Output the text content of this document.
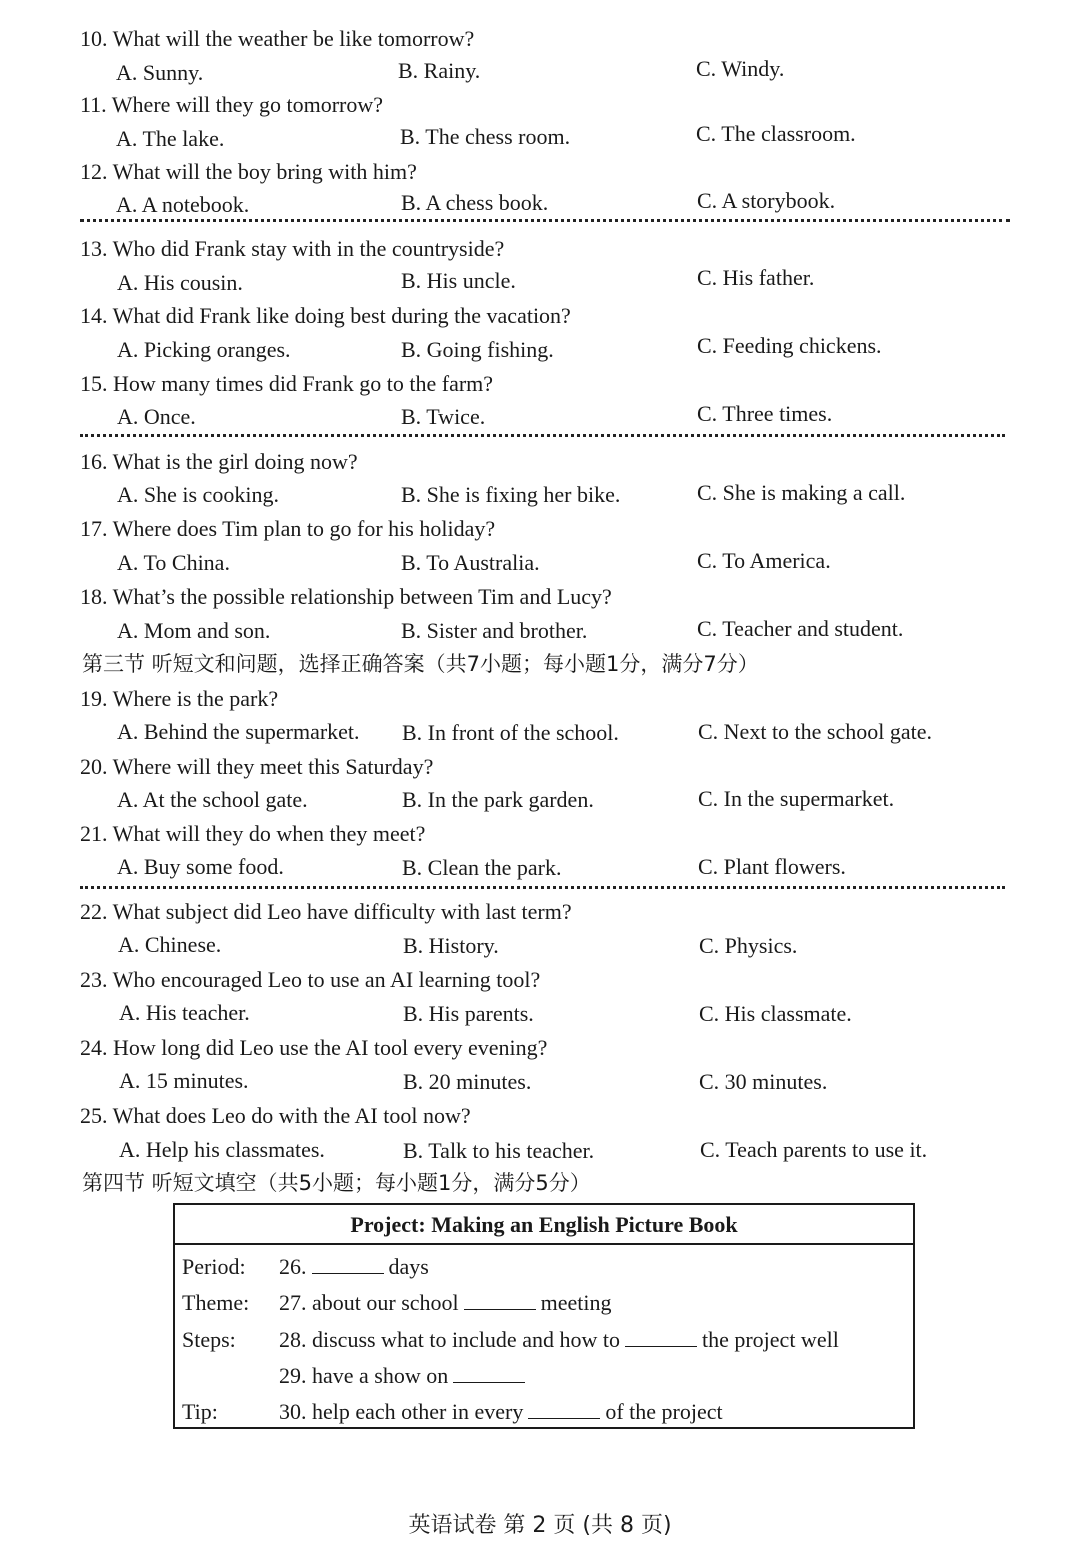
10. What will the weather be like tomorrow?
A. Sunny.	B. Rainy.	C. Windy.
11. Where will they go tomorrow?
A. The lake.	B. The chess room.	C. The classroom.
12. What will the boy bring with him?
A. A notebook.	B. A chess book.	C. A storybook.
13. Who did Frank stay with in the countryside?
A. His cousin.	B. His uncle.	C. His father.
14. What did Frank like doing best during the vacation?
A. Picking oranges.	B. Going fishing.	C. Feeding chickens.
15. How many times did Frank go to the farm?
A. Once.	B. Twice.	C. Three times.
16. What is the girl doing now?
A. She is cooking.	B. She is fixing her bike.	C. She is making a call.
17. Where does Tim plan to go for his holiday?
A. To China.	B. To Australia.	C. To America.
18. What’s the possible relationship between Tim and Lucy?
A. Mom and son.	B. Sister and brother.	C. Teacher and student.
第三节 听短文和问题，选择正确答案（共7小题；每小题1分，满分7分）
19. Where is the park?
A. Behind the supermarket. B. In front of the school.	C. Next to the school gate.
20. Where will they meet this Saturday?
A. At the school gate.	B. In the park garden.	C. In the supermarket.
21. What will they do when they meet?
A. Buy some food.	B. Clean the park.	C. Plant flowers.
22. What subject did Leo have difficulty with last term?
A. Chinese.	B. History.	C. Physics.
23. Who encouraged Leo to use an AI learning tool?
A. His teacher.	B. His parents.	C. His classmate.
24. How long did Leo use the AI tool every evening?
A. 15 minutes.	B. 20 minutes.	C. 30 minutes.
25. What does Leo do with the AI tool now?
A. Help his classmates.	B. Talk to his teacher.	C. Teach parents to use it.
第四节 听短文填空（共5小题；每小题1分，满分5分）
Project: Making an English Picture Book
Period: 26.	days
Theme: 27. about our school	meeting
Steps: 28. discuss what to include and how to	the project well
29. have a show on
Tip:	30. help each other in every	of the project
英语试卷 第 2 页 (共 8 页)
